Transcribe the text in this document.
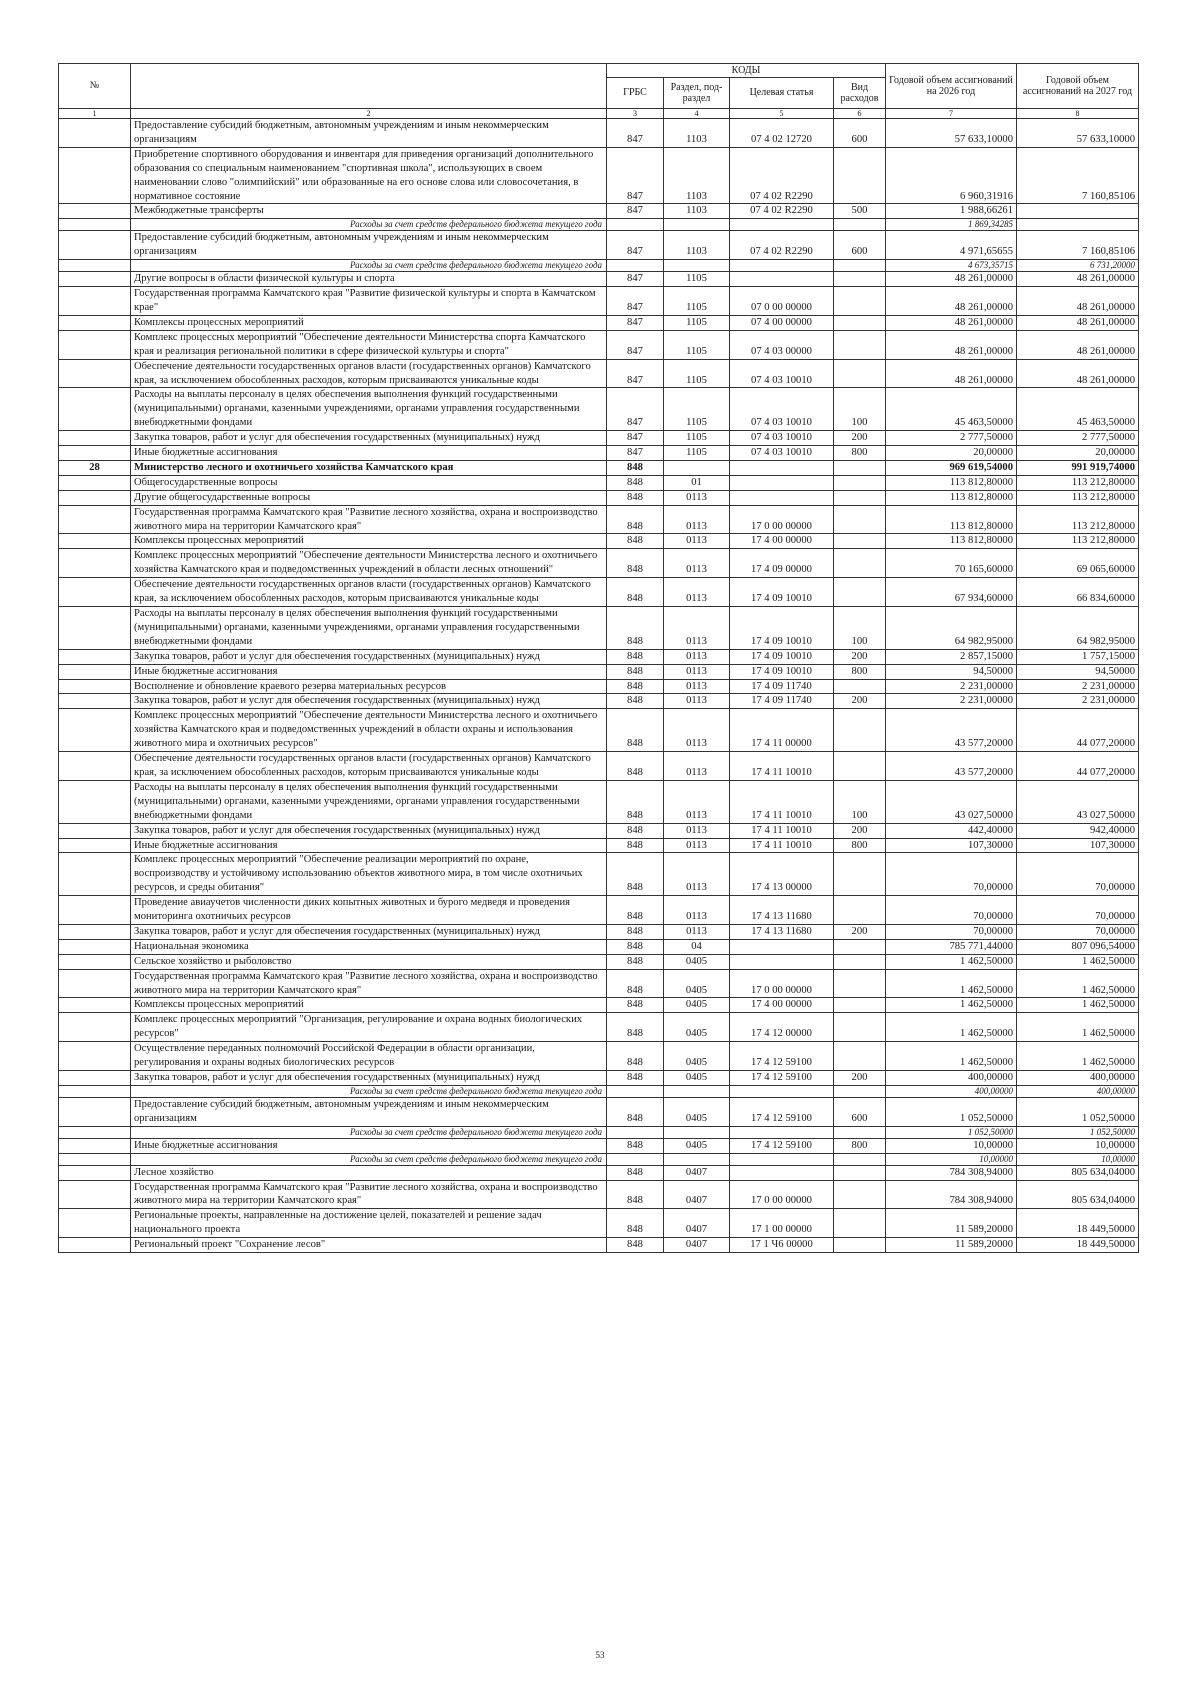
№		КОДЫ				Годовой объем ассигнований на 2026 год	Годовой объем ассигнований на 2027 год
		ГРБС	Раздел, под-раздел	Целевая статья	Вид расходов		
1	2	3	4	5	6	7	8
	Предоставление субсидий бюджетным, автономным учреждениям и иным некоммерческим организациям	847	1103	07 4 02 12720	600	57 633,10000	57 633,10000
	Приобретение спортивного оборудования и инвентаря для приведения организаций дополнительного образования со специальным наименованием "спортивная школа", использующих в своем наименовании слово "олимпийский" или образованные на его основе слова или словосочетания, в нормативное состояние	847	1103	07 4 02 R2290		6 960,31916	7 160,85106
	Межбюджетные трансферты	847	1103	07 4 02 R2290	500	1 988,66261	
	Расходы за счет средств федерального бюджета текущего года					1 869,34285	
	Предоставление субсидий бюджетным, автономным учреждениям и иным некоммерческим организациям	847	1103	07 4 02 R2290	600	4 971,65655	7 160,85106
	Расходы за счет средств федерального бюджета текущего года					4 673,35715	6 731,20000
	Другие вопросы в области физической культуры и спорта	847	1105			48 261,00000	48 261,00000
	Государственная программа Камчатского края "Развитие физической культуры и спорта в Камчатском крае"	847	1105	07 0 00 00000		48 261,00000	48 261,00000
	Комплексы процессных мероприятий	847	1105	07 4 00 00000		48 261,00000	48 261,00000
	Комплекс процессных мероприятий "Обеспечение деятельности Министерства спорта Камчатского края и реализация региональной политики в сфере физической культуры и спорта"	847	1105	07 4 03 00000		48 261,00000	48 261,00000
	Обеспечение деятельности государственных органов власти (государственных органов) Камчатского края, за исключением обособленных расходов, которым присваиваются уникальные коды	847	1105	07 4 03 10010		48 261,00000	48 261,00000
	Расходы на выплаты персоналу в целях обеспечения выполнения функций государственными (муниципальными) органами, казенными учреждениями, органами управления государственными внебюджетными фондами	847	1105	07 4 03 10010	100	45 463,50000	45 463,50000
	Закупка товаров, работ и услуг для обеспечения государственных (муниципальных) нужд	847	1105	07 4 03 10010	200	2 777,50000	2 777,50000
	Иные бюджетные ассигнования	847	1105	07 4 03 10010	800	20,00000	20,00000
28	Министерство лесного и охотничьего хозяйства Камчатского края	848				969 619,54000	991 919,74000
	Общегосударственные вопросы	848	01			113 812,80000	113 212,80000
	Другие общегосударственные вопросы	848	0113			113 812,80000	113 212,80000
	Государственная программа Камчатского края "Развитие лесного хозяйства, охрана и воспроизводство животного мира на территории Камчатского края"	848	0113	17 0 00 00000		113 812,80000	113 212,80000
	Комплексы процессных мероприятий	848	0113	17 4 00 00000		113 812,80000	113 212,80000
	Комплекс процессных мероприятий "Обеспечение деятельности Министерства лесного и охотничьего хозяйства Камчатского края и подведомственных учреждений в области лесных отношений"	848	0113	17 4 09 00000		70 165,60000	69 065,60000
	Обеспечение деятельности государственных органов власти (государственных органов) Камчатского края, за исключением обособленных расходов, которым присваиваются уникальные коды	848	0113	17 4 09 10010		67 934,60000	66 834,60000
	Расходы на выплаты персоналу в целях обеспечения выполнения функций государственными (муниципальными) органами, казенными учреждениями, органами управления государственными внебюджетными фондами	848	0113	17 4 09 10010	100	64 982,95000	64 982,95000
	Закупка товаров, работ и услуг для обеспечения государственных (муниципальных) нужд	848	0113	17 4 09 10010	200	2 857,15000	1 757,15000
	Иные бюджетные ассигнования	848	0113	17 4 09 10010	800	94,50000	94,50000
	Восполнение и обновление краевого резерва материальных ресурсов	848	0113	17 4 09 11740		2 231,00000	2 231,00000
	Закупка товаров, работ и услуг для обеспечения государственных (муниципальных) нужд	848	0113	17 4 09 11740	200	2 231,00000	2 231,00000
	Комплекс процессных мероприятий "Обеспечение деятельности Министерства лесного и охотничьего хозяйства Камчатского края и подведомственных учреждений в области охраны и использования животного мира и охотничьих ресурсов"	848	0113	17 4 11 00000		43 577,20000	44 077,20000
	Обеспечение деятельности государственных органов власти (государственных органов) Камчатского края, за исключением обособленных расходов, которым присваиваются уникальные коды	848	0113	17 4 11 10010		43 577,20000	44 077,20000
	Расходы на выплаты персоналу в целях обеспечения выполнения функций государственными (муниципальными) органами, казенными учреждениями, органами управления государственными внебюджетными фондами	848	0113	17 4 11 10010	100	43 027,50000	43 027,50000
	Закупка товаров, работ и услуг для обеспечения государственных (муниципальных) нужд	848	0113	17 4 11 10010	200	442,40000	942,40000
	Иные бюджетные ассигнования	848	0113	17 4 11 10010	800	107,30000	107,30000
	Комплекс процессных мероприятий "Обеспечение реализации мероприятий по охране, воспроизводству и устойчивому использованию объектов животного мира, в том числе охотничьих ресурсов, и среды обитания"	848	0113	17 4 13 00000		70,00000	70,00000
	Проведение авиаучетов численности диких копытных животных и бурого медведя и проведения мониторинга охотничьих ресурсов	848	0113	17 4 13 11680		70,00000	70,00000
	Закупка товаров, работ и услуг для обеспечения государственных (муниципальных) нужд	848	0113	17 4 13 11680	200	70,00000	70,00000
	Национальная экономика	848	04			785 771,44000	807 096,54000
	Сельское хозяйство и рыболовство	848	0405			1 462,50000	1 462,50000
	Государственная программа Камчатского края "Развитие лесного хозяйства, охрана и воспроизводство животного мира на территории Камчатского края"	848	0405	17 0 00 00000		1 462,50000	1 462,50000
	Комплексы процессных мероприятий	848	0405	17 4 00 00000		1 462,50000	1 462,50000
	Комплекс процессных мероприятий "Организация, регулирование и охрана водных биологических ресурсов"	848	0405	17 4 12 00000		1 462,50000	1 462,50000
	Осуществление переданных полномочий Российской Федерации в области организации, регулирования и охраны водных биологических ресурсов	848	0405	17 4 12 59100		1 462,50000	1 462,50000
	Закупка товаров, работ и услуг для обеспечения государственных (муниципальных) нужд	848	0405	17 4 12 59100	200	400,00000	400,00000
	Расходы за счет средств федерального бюджета текущего года					400,00000	400,00000
	Предоставление субсидий бюджетным, автономным учреждениям и иным некоммерческим организациям	848	0405	17 4 12 59100	600	1 052,50000	1 052,50000
	Расходы за счет средств федерального бюджета текущего года					1 052,50000	1 052,50000
	Иные бюджетные ассигнования	848	0405	17 4 12 59100	800	10,00000	10,00000
	Расходы за счет средств федерального бюджета текущего года					10,00000	10,00000
	Лесное хозяйство	848	0407			784 308,94000	805 634,04000
	Государственная программа Камчатского края "Развитие лесного хозяйства, охрана и воспроизводство животного мира на территории Камчатского края"	848	0407	17 0 00 00000		784 308,94000	805 634,04000
	Региональные проекты, направленные на достижение целей, показателей и решение задач национального проекта	848	0407	17 1 00 00000		11 589,20000	18 449,50000
	Региональный проект "Сохранение лесов"	848	0407	17 1 Ч6 00000		11 589,20000	18 449,50000
53
